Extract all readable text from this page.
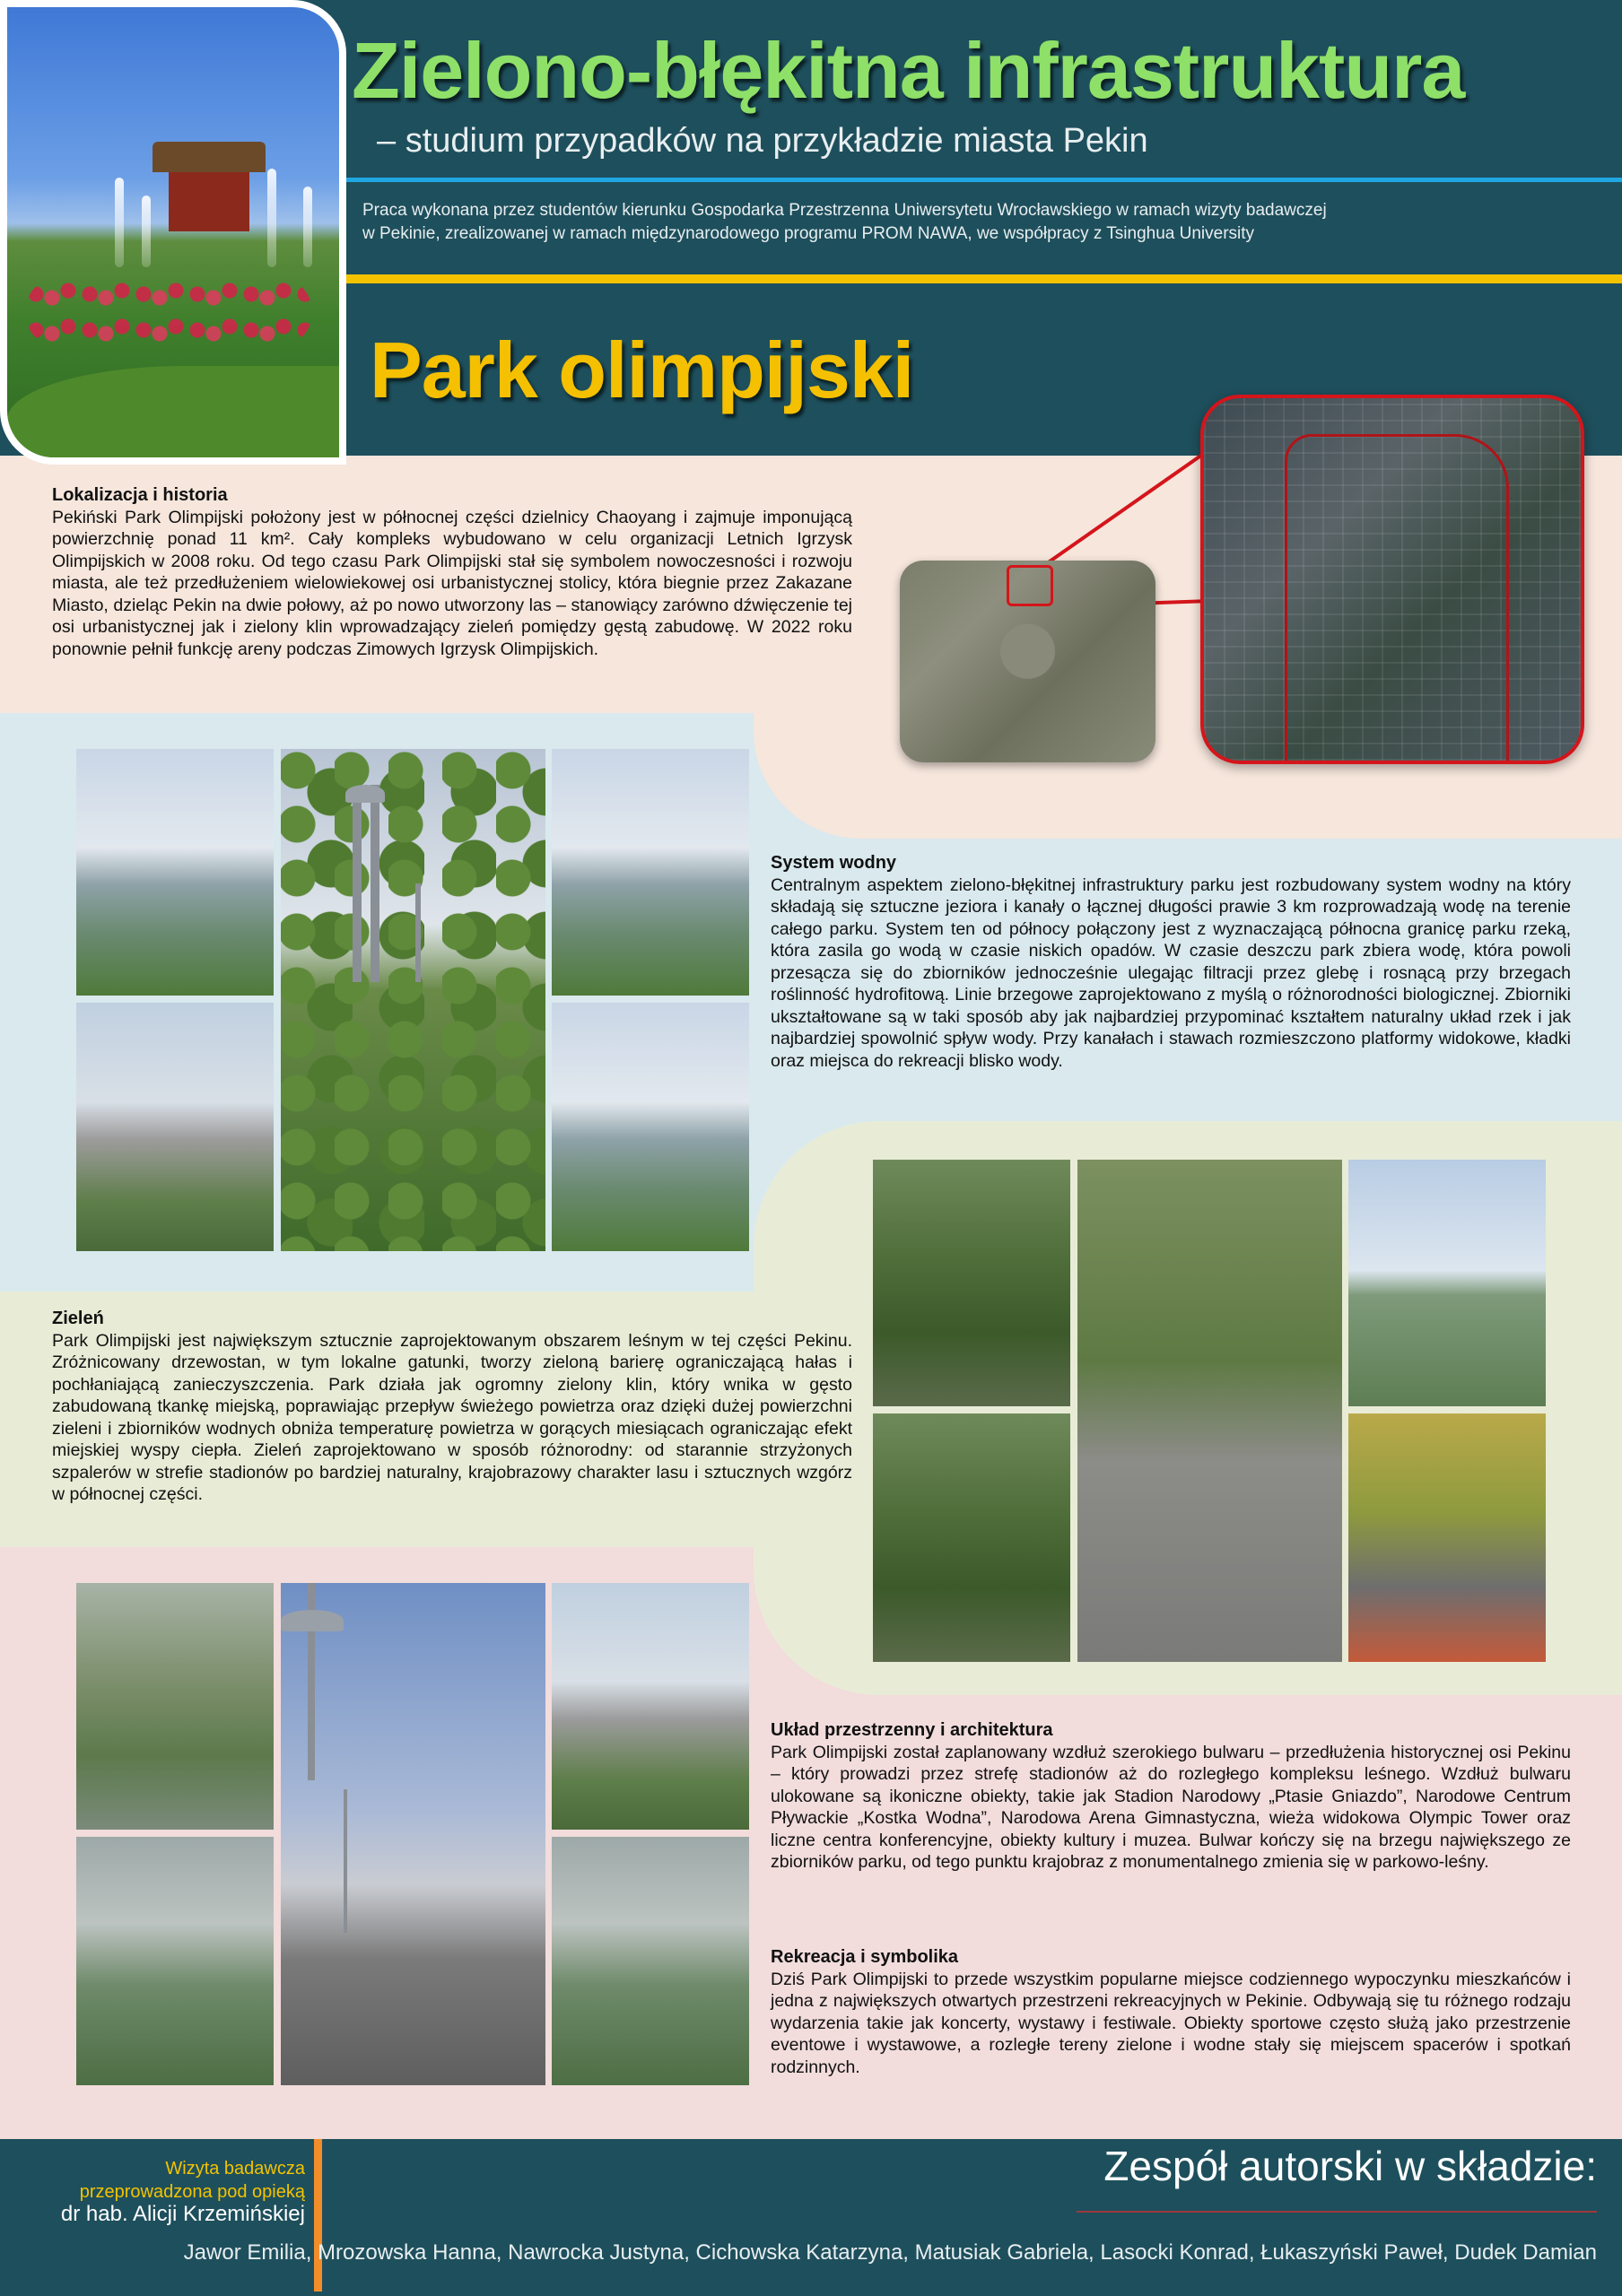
Zielono-błękitna infrastruktura
– studium przypadków na przykładzie miasta Pekin
Praca wykonana przez studentów kierunku Gospodarka Przestrzenna Uniwersytetu Wrocławskiego w ramach wizyty badawczej
w Pekinie, zrealizowanej w ramach międzynarodowego programu PROM NAWA, we współpracy z Tsinghua University
Park olimpijski
Lokalizacja i historia

Pekiński Park Olimpijski położony jest w północnej części dzielnicy Chaoyang i zajmuje imponującą powierzchnię ponad 11 km². Cały kompleks wybudowano w celu organizacji Letnich Igrzysk Olimpijskich w 2008 roku. Od tego czasu Park Olimpijski stał się symbolem nowoczesności i rozwoju miasta, ale też przedłużeniem wielowiekowej osi urbanistycznej stolicy, która biegnie przez Zakazane Miasto, dzieląc Pekin na dwie połowy, aż po nowo utworzony las – stanowiący zarówno dźwięczenie tej osi urbanistycznej jak i zielony klin wprowadzający zieleń pomiędzy gęstą zabudowę. W 2022 roku ponownie pełnił funkcję areny podczas Zimowych Igrzysk Olimpijskich.

System wodny

Centralnym aspektem zielono-błękitnej infrastruktury parku jest rozbudowany system wodny na który składają się sztuczne jeziora i kanały o łącznej długości prawie 3 km rozprowadzają wodę na terenie całego parku. System ten od północy połączony jest z wyznaczającą północna granicę parku rzeką, która zasila go wodą w czasie niskich opadów. W czasie deszczu park zbiera wodę, która powoli przesącza się do zbiorników jednocześnie ulegając filtracji przez glebę i rosnącą przy brzegach roślinność hydrofitową. Linie brzegowe zaprojektowano z myślą o różnorodności biologicznej. Zbiorniki ukształtowane są w taki sposób aby jak najbardziej przypominać kształtem naturalny układ rzek i jak najbardziej spowolnić spływ wody. Przy kanałach i stawach rozmieszczono platformy widokowe, kładki oraz miejsca do rekreacji blisko wody.

Zieleń

Park Olimpijski jest największym sztucznie zaprojektowanym obszarem leśnym w tej części Pekinu. Zróżnicowany drzewostan, w tym lokalne gatunki, tworzy zieloną barierę ograniczającą hałas i pochłaniającą zanieczyszczenia. Park działa jak ogromny zielony klin, który wnika w gęsto zabudowaną tkankę miejską, poprawiając przepływ świeżego powietrza oraz dzięki dużej powierzchni zieleni i zbiorników wodnych obniża temperaturę powietrza w gorących miesiącach ograniczając efekt miejskiej wyspy ciepła. Zieleń zaprojektowano w sposób różnorodny: od starannie strzyżonych szpalerów w strefie stadionów po bardziej naturalny, krajobrazowy charakter lasu i sztucznych wzgórz w północnej części.

Układ przestrzenny i architektura

Park Olimpijski został zaplanowany wzdłuż szerokiego bulwaru – przedłużenia historycznej osi Pekinu – który prowadzi przez strefę stadionów aż do rozległego kompleksu leśnego. Wzdłuż bulwaru ulokowane są ikoniczne obiekty, takie jak Stadion Narodowy „Ptasie Gniazdo”, Narodowe Centrum Pływackie „Kostka Wodna”, Narodowa Arena Gimnastyczna, wieża widokowa Olympic Tower oraz liczne centra konferencyjne, obiekty kultury i muzea. Bulwar kończy się na brzegu największego ze zbiorników parku, od tego punktu krajobraz z monumentalnego zmienia się w parkowo-leśny.

Rekreacja i symbolika

Dziś Park Olimpijski to przede wszystkim popularne miejsce codziennego wypoczynku mieszkańców i jedna z największych otwartych przestrzeni rekreacyjnych w Pekinie. Odbywają się tu różnego rodzaju wydarzenia takie jak koncerty, wystawy i festiwale. Obiekty sportowe często służą jako przestrzenie eventowe i wystawowe, a rozległe tereny zielone i wodne stały się miejscem spacerów i spotkań rodzinnych.

Wizyta badawcza
przeprowadzona pod opieką
dr hab. Alicji Krzemińskiej
Zespół autorski w składzie:
Jawor Emilia, Mrozowska Hanna, Nawrocka Justyna, Cichowska Katarzyna, Matusiak Gabriela, Lasocki Konrad, Łukaszyński Paweł, Dudek Damian
